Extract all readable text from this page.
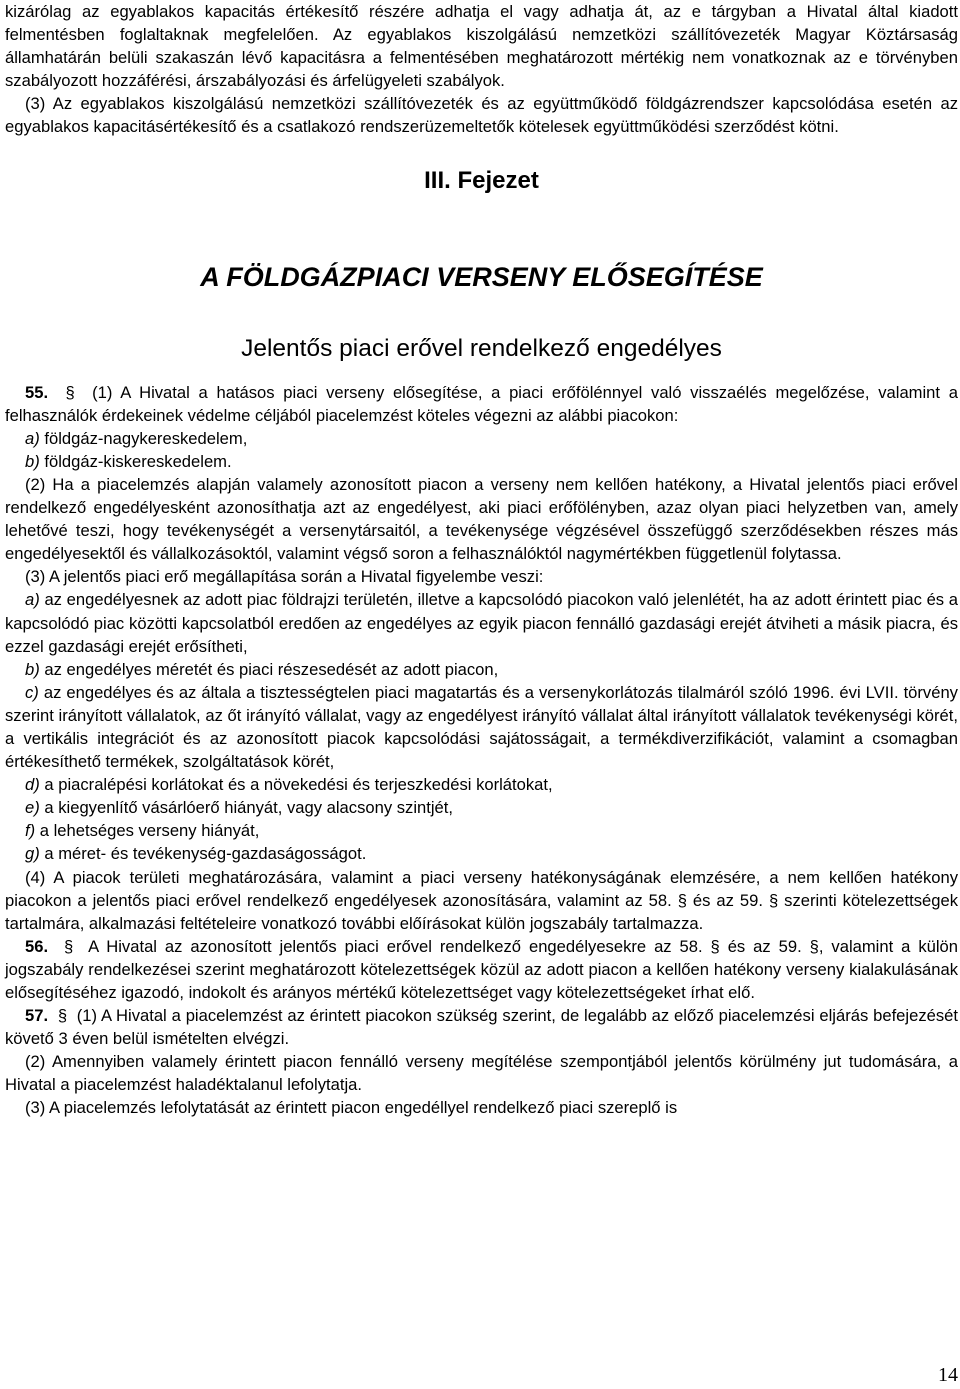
kizárólag az egyablakos kapacitás értékesítő részére adhatja el vagy adhatja át, az e tárgyban a Hivatal által kiadott felmentésben foglaltaknak megfelelően. Az egyablakos kiszolgálású nemzetközi szállítóvezeték Magyar Köztársaság államhatárán belüli szakaszán lévő kapacitásra a felmentésében meghatározott mértékig nem vonatkoznak az e törvényben szabályozott hozzáférési, árszabályozási és árfelügyeleti szabályok.

(3) Az egyablakos kiszolgálású nemzetközi szállítóvezeték és az együttműködő földgázrendszer kapcsolódása esetén az egyablakos kapacitásértékesítő és a csatlakozó rendszerüzemeltetők kötelesek együttműködési szerződést kötni.

III. Fejezet
A FÖLDGÁZPIACI VERSENY ELŐSEGÍTÉSE
Jelentős piaci erővel rendelkező engedélyes

55. § (1) A Hivatal a hatásos piaci verseny elősegítése, a piaci erőfölénnyel való visszaélés megelőzése, valamint a felhasználók érdekeinek védelme céljából piacelemzést köteles végezni az alábbi piacokon:

a) földgáz-nagykereskedelem,

b) földgáz-kiskereskedelem.

(2) Ha a piacelemzés alapján valamely azonosított piacon a verseny nem kellően hatékony, a Hivatal jelentős piaci erővel rendelkező engedélyesként azonosíthatja azt az engedélyest, aki piaci erőfölényben, azaz olyan piaci helyzetben van, amely lehetővé teszi, hogy tevékenységét a versenytársaitól, a tevékenysége végzésével összefüggő szerződésekben részes más engedélyesektől és vállalkozásoktól, valamint végső soron a felhasználóktól nagymértékben függetlenül folytassa.

(3) A jelentős piaci erő megállapítása során a Hivatal figyelembe veszi:

a) az engedélyesnek az adott piac földrajzi területén, illetve a kapcsolódó piacokon való jelenlétét, ha az adott érintett piac és a kapcsolódó piac közötti kapcsolatból eredően az engedélyes az egyik piacon fennálló gazdasági erejét átviheti a másik piacra, és ezzel gazdasági erejét erősítheti,

b) az engedélyes méretét és piaci részesedését az adott piacon,

c) az engedélyes és az általa a tisztességtelen piaci magatartás és a versenykorlátozás tilalmáról szóló 1996. évi LVII. törvény szerint irányított vállalatok, az őt irányító vállalat, vagy az engedélyest irányító vállalat által irányított vállalatok tevékenységi körét, a vertikális integrációt és az azonosított piacok kapcsolódási sajátosságait, a termékdiverzifikációt, valamint a csomagban értékesíthető termékek, szolgáltatások körét,

d) a piacralépési korlátokat és a növekedési és terjeszkedési korlátokat,

e) a kiegyenlítő vásárlóerő hiányát, vagy alacsony szintjét,

f) a lehetséges verseny hiányát,

g) a méret- és tevékenység-gazdaságosságot.

(4) A piacok területi meghatározására, valamint a piaci verseny hatékonyságának elemzésére, a nem kellően hatékony piacokon a jelentős piaci erővel rendelkező engedélyesek azonosítására, valamint az 58. § és az 59. § szerinti kötelezettségek tartalmára, alkalmazási feltételeire vonatkozó további előírásokat külön jogszabály tartalmazza.

56. § A Hivatal az azonosított jelentős piaci erővel rendelkező engedélyesekre az 58. § és az 59. §, valamint a külön jogszabály rendelkezései szerint meghatározott kötelezettségek közül az adott piacon a kellően hatékony verseny kialakulásának elősegítéséhez igazodó, indokolt és arányos mértékű kötelezettséget vagy kötelezettségeket írhat elő.

57. § (1) A Hivatal a piacelemzést az érintett piacokon szükség szerint, de legalább az előző piacelemzési eljárás befejezését követő 3 éven belül ismételten elvégzi.

(2) Amennyiben valamely érintett piacon fennálló verseny megítélése szempontjából jelentős körülmény jut tudomására, a Hivatal a piacelemzést haladéktalanul lefolytatja.

(3) A piacelemzés lefolytatását az érintett piacon engedéllyel rendelkező piaci szereplő is

14
